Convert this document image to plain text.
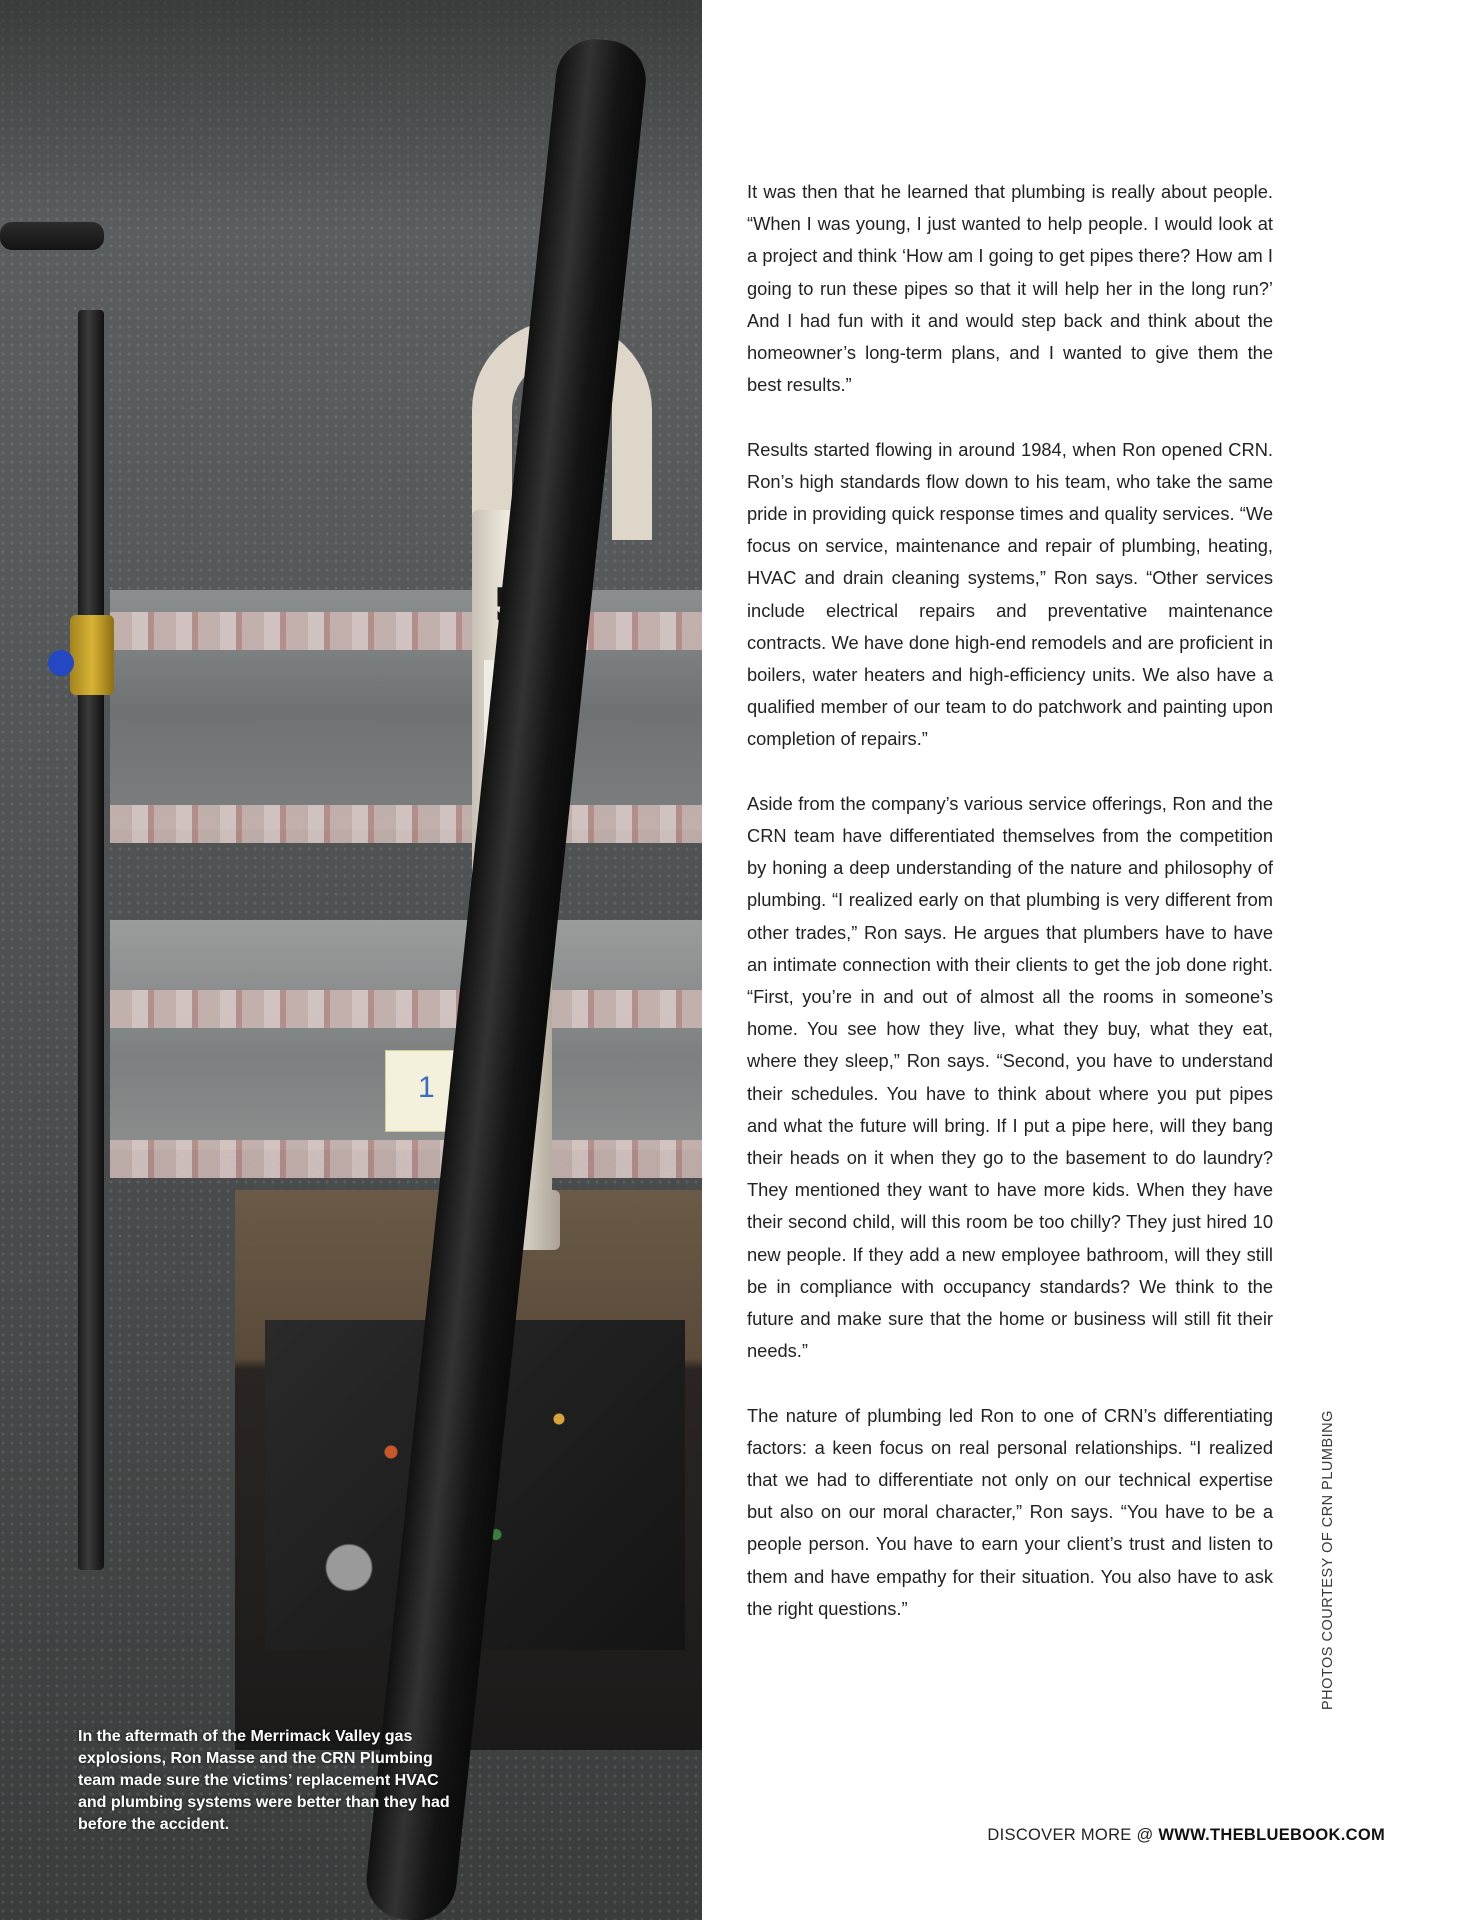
1
In the aftermath of the Merrimack Valley gas explosions, Ron Masse and the CRN Plumbing team made sure the victims’ replacement HVAC and plumbing systems were better than they had before the accident.

It was then that he learned that plumbing is really about people. “When I was young, I just wanted to help people. I would look at a project and think ‘How am I going to get pipes there? How am I going to run these pipes so that it will help her in the long run?’ And I had fun with it and would step back and think about the homeowner’s long-term plans, and I wanted to give them the best results.”

Results started flowing in around 1984, when Ron opened CRN. Ron’s high standards flow down to his team, who take the same pride in providing quick response times and quality services. “We focus on service, maintenance and repair of plumbing, heating, HVAC and drain cleaning systems,” Ron says. “Other services include electrical repairs and preventative maintenance contracts. We have done high-end remodels and are proficient in boilers, water heaters and high-efficiency units. We also have a qualified member of our team to do patchwork and painting upon completion of repairs.”

Aside from the company’s various service offerings, Ron and the CRN team have differentiated themselves from the competition by honing a deep understanding of the nature and philosophy of plumbing. “I realized early on that plumbing is very different from other trades,” Ron says. He argues that plumbers have to have an intimate connection with their clients to get the job done right. “First, you’re in and out of almost all the rooms in someone’s home. You see how they live, what they buy, what they eat, where they sleep,” Ron says. “Second, you have to understand their schedules. You have to think about where you put pipes and what the future will bring. If I put a pipe here, will they bang their heads on it when they go to the basement to do laundry? They mentioned they want to have more kids. When they have their second child, will this room be too chilly? They just hired 10 new people. If they add a new employee bathroom, will they still be in compliance with occupancy standards? We think to the future and make sure that the home or business will still fit their needs.”

The nature of plumbing led Ron to one of CRN’s differentiating factors: a keen focus on real personal relationships. “I realized that we had to differentiate not only on our technical expertise but also on our moral character,” Ron says. “You have to be a people person. You have to earn your client’s trust and listen to them and have empathy for their situation. You also have to ask the right questions.”	PHOTOS COURTESY OF CRN PLUMBING
DISCOVER MORE @ WWW.THEBLUEBOOK.COM
